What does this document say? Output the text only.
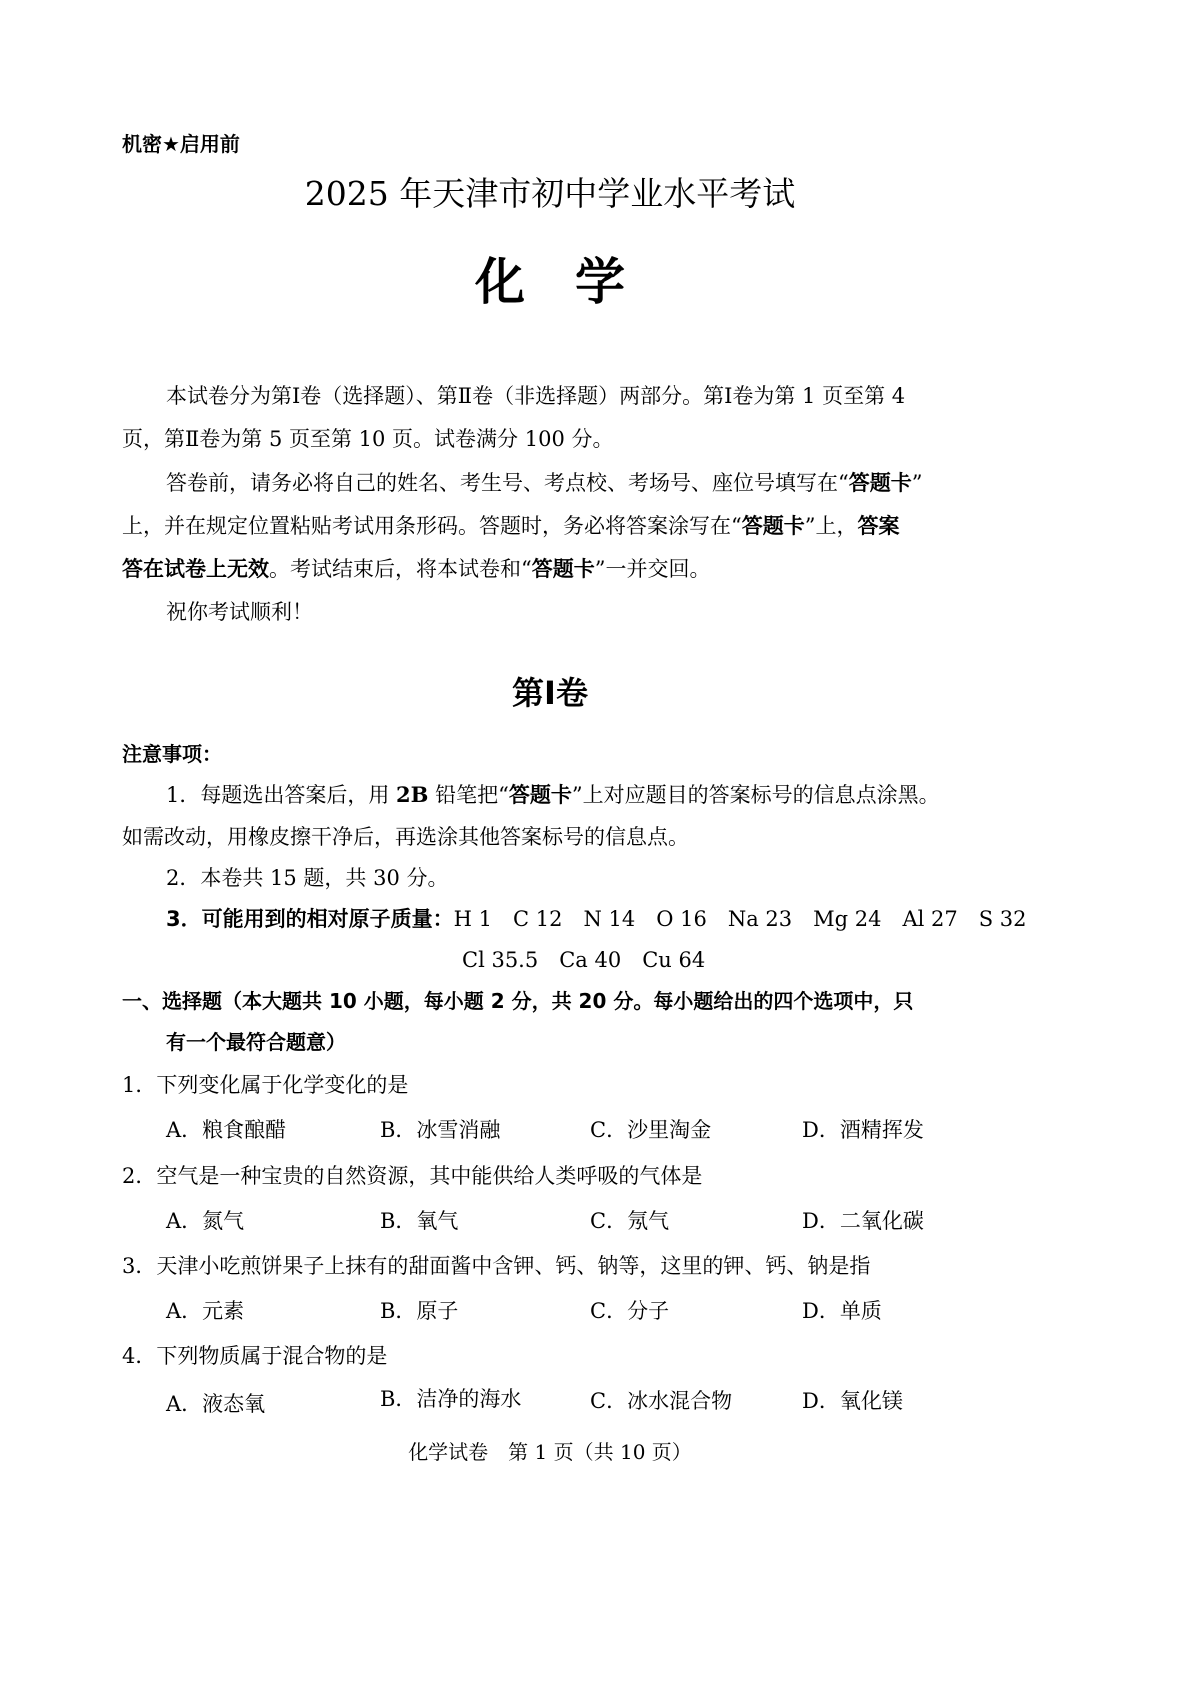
机密★启用前
2025 年天津市初中学业水平考试
化　学
本试卷分为第Ⅰ卷（选择题）、第Ⅱ卷（非选择题）两部分。第Ⅰ卷为第 1 页至第 4
页，第Ⅱ卷为第 5 页至第 10 页。试卷满分 100 分。
答卷前，请务必将自己的姓名、考生号、考点校、考场号、座位号填写在“答题卡”
上，并在规定位置粘贴考试用条形码。答题时，务必将答案涂写在“答题卡”上，答案
答在试卷上无效。考试结束后，将本试卷和“答题卡”一并交回。
祝你考试顺利！
第Ⅰ卷
注意事项：
1．每题选出答案后，用 2B 铅笔把“答题卡”上对应题目的答案标号的信息点涂黑。
如需改动，用橡皮擦干净后，再选涂其他答案标号的信息点。
2．本卷共 15 题，共 30 分。
3．可能用到的相对原子质量：H 1　C 12　N 14　O 16　Na 23　Mg 24　Al 27　S 32
Cl 35.5　Ca 40　Cu 64
一、选择题（本大题共 10 小题，每小题 2 分，共 20 分。每小题给出的四个选项中，只
有一个最符合题意）
1．下列变化属于化学变化的是
A．粮食酿醋	B．冰雪消融	C．沙里淘金	D．酒精挥发
2．空气是一种宝贵的自然资源，其中能供给人类呼吸的气体是
A．氮气	B．氧气	C．氖气	D．二氧化碳
3．天津小吃煎饼果子上抹有的甜面酱中含钾、钙、钠等，这里的钾、钙、钠是指
A．元素	B．原子	C．分子	D．单质
4．下列物质属于混合物的是
A．液态氧	B．洁净的海水	C．冰水混合物	D．氧化镁
化学试卷　第 1 页（共 10 页）
